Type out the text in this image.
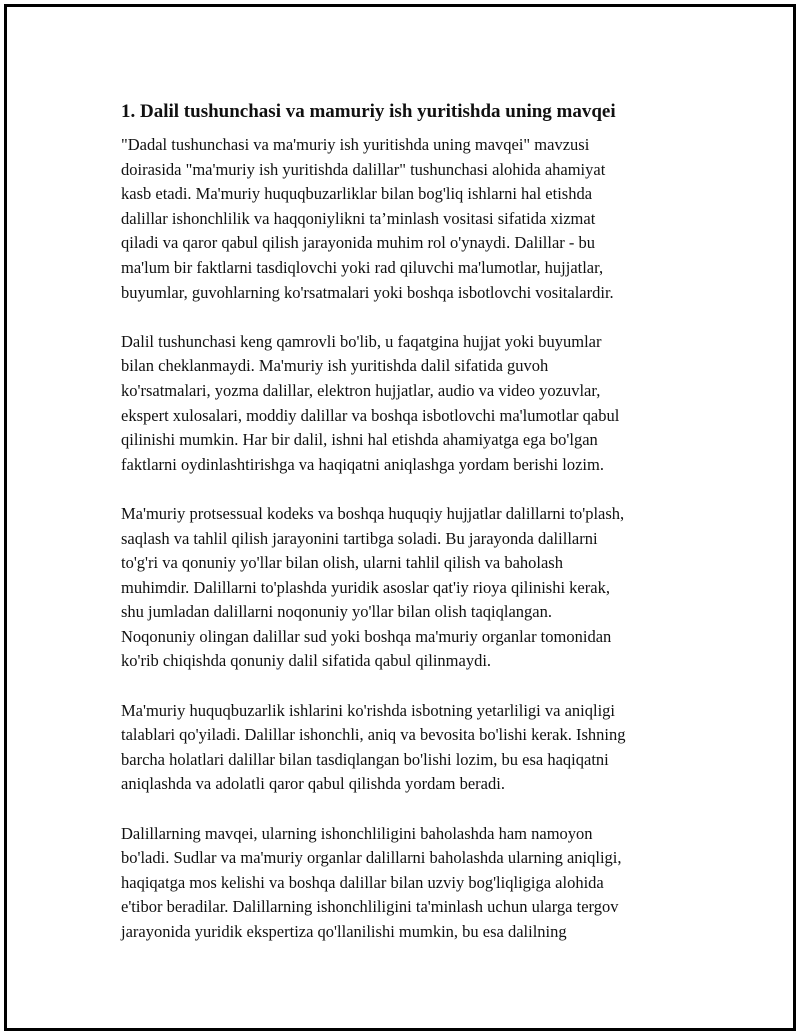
1. Dalil tushunchasi va mamuriy ish yuritishda uning mavqei
"Dadal tushunchasi va ma'muriy ish yuritishda uning mavqei" mavzusi
doirasida "ma'muriy ish yuritishda dalillar" tushunchasi alohida ahamiyat
kasb etadi. Ma'muriy huquqbuzarliklar bilan bog'liq ishlarni hal etishda
dalillar ishonchlilik va haqqoniylikni ta’minlash vositasi sifatida xizmat
qiladi va qaror qabul qilish jarayonida muhim rol o'ynaydi. Dalillar - bu
ma'lum bir faktlarni tasdiqlovchi yoki rad qiluvchi ma'lumotlar, hujjatlar,
buyumlar, guvohlarning ko'rsatmalari yoki boshqa isbotlovchi vositalardir.
Dalil tushunchasi keng qamrovli bo'lib, u faqatgina hujjat yoki buyumlar
bilan cheklanmaydi. Ma'muriy ish yuritishda dalil sifatida guvoh
ko'rsatmalari, yozma dalillar, elektron hujjatlar, audio va video yozuvlar,
ekspert xulosalari, moddiy dalillar va boshqa isbotlovchi ma'lumotlar qabul
qilinishi mumkin. Har bir dalil, ishni hal etishda ahamiyatga ega bo'lgan
faktlarni oydinlashtirishga va haqiqatni aniqlashga yordam berishi lozim.
Ma'muriy protsessual kodeks va boshqa huquqiy hujjatlar dalillarni to'plash,
saqlash va tahlil qilish jarayonini tartibga soladi. Bu jarayonda dalillarni
to'g'ri va qonuniy yo'llar bilan olish, ularni tahlil qilish va baholash
muhimdir. Dalillarni to'plashda yuridik asoslar qat'iy rioya qilinishi kerak,
shu jumladan dalillarni noqonuniy yo'llar bilan olish taqiqlangan.
Noqonuniy olingan dalillar sud yoki boshqa ma'muriy organlar tomonidan
ko'rib chiqishda qonuniy dalil sifatida qabul qilinmaydi.
Ma'muriy huquqbuzarlik ishlarini ko'rishda isbotning yetarliligi va aniqligi
talablari qo'yiladi. Dalillar ishonchli, aniq va bevosita bo'lishi kerak. Ishning
barcha holatlari dalillar bilan tasdiqlangan bo'lishi lozim, bu esa haqiqatni
aniqlashda va adolatli qaror qabul qilishda yordam beradi.
Dalillarning mavqei, ularning ishonchliligini baholashda ham namoyon
bo'ladi. Sudlar va ma'muriy organlar dalillarni baholashda ularning aniqligi,
haqiqatga mos kelishi va boshqa dalillar bilan uzviy bog'liqligiga alohida
e'tibor beradilar. Dalillarning ishonchliligini ta'minlash uchun ularga tergov
jarayonida yuridik ekspertiza qo'llanilishi mumkin, bu esa dalilning
